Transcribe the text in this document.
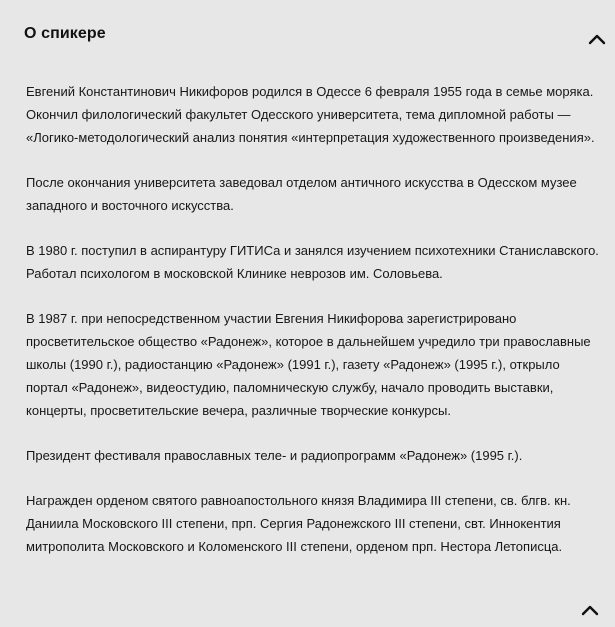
О спикере

Евгений Константинович Никифоров родился в Одессе 6 февраля 1955 года в семье моряка. Окончил филологический факультет Одесского университета, тема дипломной работы — «Логико-методологический анализ понятия «интерпретация художественного произведения».

После окончания университета заведовал отделом античного искусства в Одесском музее западного и восточного искусства.

В 1980 г. поступил в аспирантуру ГИТИСа и занялся изучением психотехники Станиславского. Работал психологом в московской Клинике неврозов им. Соловьева.

В 1987 г. при непосредственном участии Евгения Никифорова зарегистрировано просветительское общество «Радонеж», которое в дальнейшем учредило три православные школы (1990 г.), радиостанцию «Радонеж» (1991 г.), газету «Радонеж» (1995 г.), открыло портал «Радонеж», видеостудию, паломническую службу, начало проводить выставки, концерты, просветительские вечера, различные творческие конкурсы.

Президент фестиваля православных теле- и радиопрограмм «Радонеж» (1995 г.).

Награжден орденом святого равноапостольного князя Владимира III степени, св. блгв. кн. Даниила Московского III степени, прп. Сергия Радонежского III степени, свт. Иннокентия митрополита Московского и Коломенского III степени, орденом прп. Нестора Летописца.
